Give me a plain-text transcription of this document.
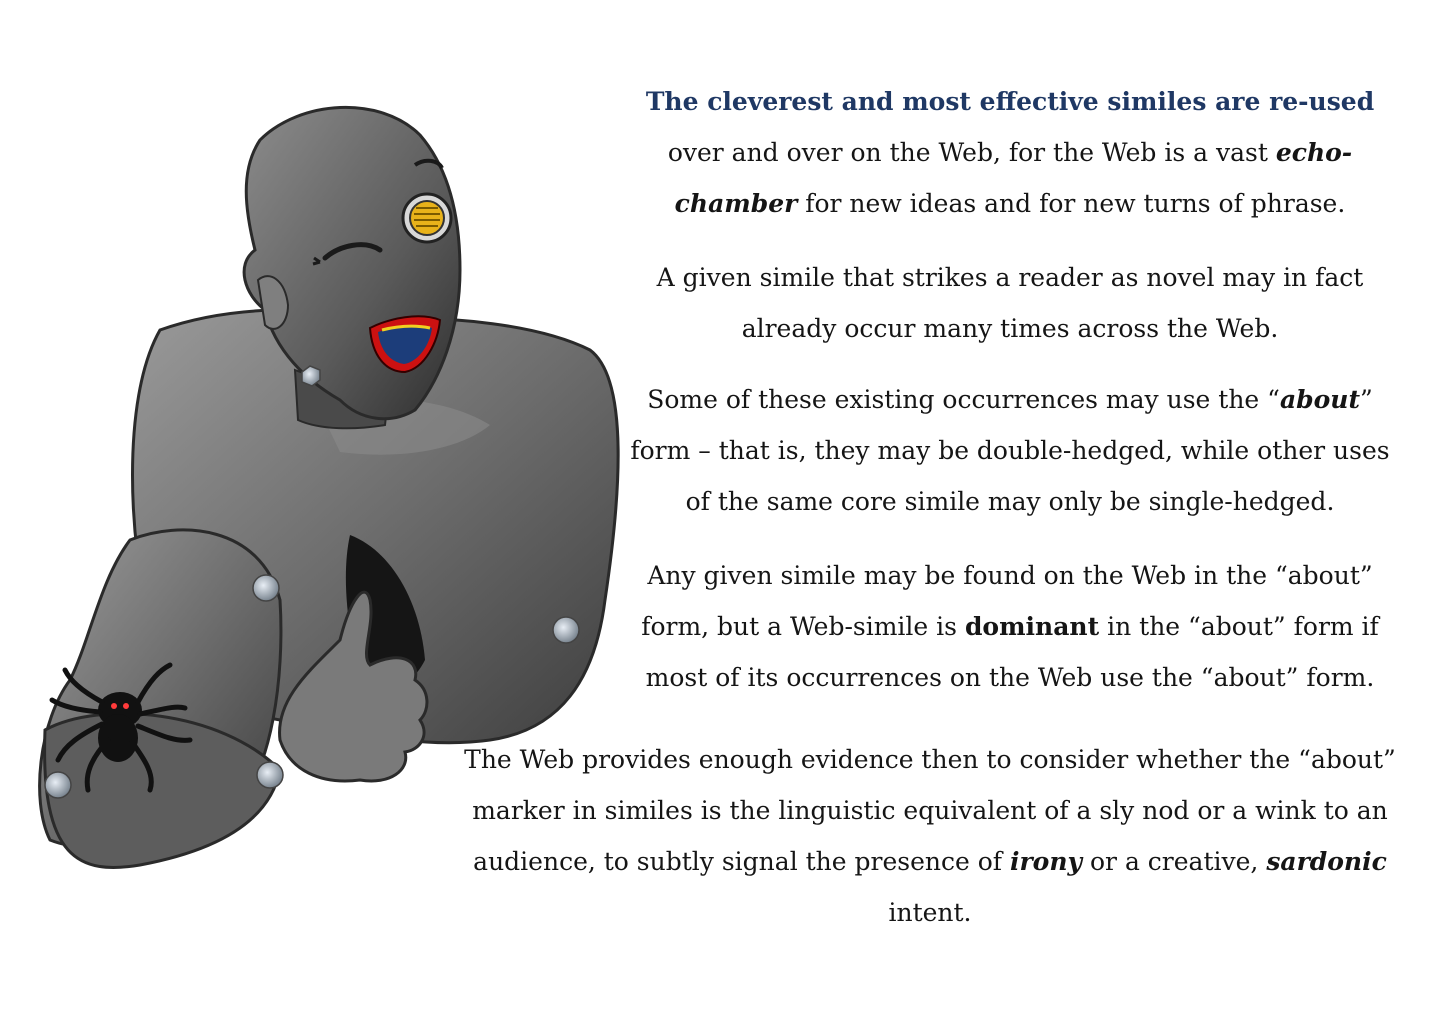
The cleverest and most effective similes are re-used
over and over on the Web, for the Web is a vast echo-chamber for new ideas and for new turns of phrase.

A given simile that strikes a reader as novel may in fact already occur many times across the Web.

Some of these existing occurrences may use the “about” form – that is, they may be double-hedged, while other uses of the same core simile may only be single-hedged.

Any given simile may be found on the Web in the “about” form, but a Web-simile is dominant in the “about” form if most of its occurrences on the Web use the “about” form.

The Web provides enough evidence then to consider whether the “about” marker in similes is the linguistic equivalent of a sly nod or a wink to an audience, to subtly signal the presence of irony or a creative, sardonic intent.
